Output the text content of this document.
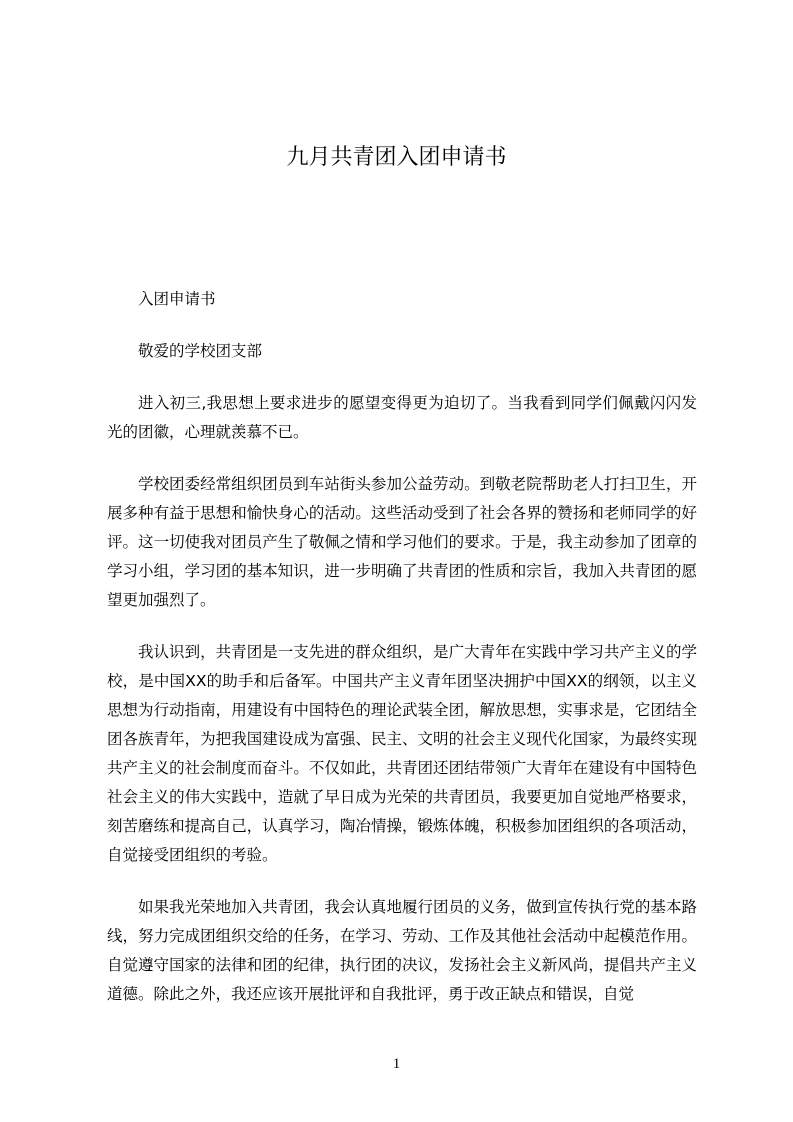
九月共青团入团申请书

入团申请书

敬爱的学校团支部

进入初三,我思想上要求进步的愿望变得更为迫切了。当我看到同学们佩戴闪闪发光的团徽，心理就羡慕不已。

学校团委经常组织团员到车站街头参加公益劳动。到敬老院帮助老人打扫卫生，开展多种有益于思想和愉快身心的活动。这些活动受到了社会各界的赞扬和老师同学的好评。这一切使我对团员产生了敬佩之情和学习他们的要求。于是，我主动参加了团章的学习小组，学习团的基本知识，进一步明确了共青团的性质和宗旨，我加入共青团的愿望更加强烈了。

我认识到，共青团是一支先进的群众组织，是广大青年在实践中学习共产主义的学校，是中国XX的助手和后备军。中国共产主义青年团坚决拥护中国XX的纲领，以主义思想为行动指南，用建设有中国特色的理论武装全团，解放思想，实事求是，它团结全团各族青年，为把我国建设成为富强、民主、文明的社会主义现代化国家，为最终实现共产主义的社会制度而奋斗。不仅如此，共青团还团结带领广大青年在建设有中国特色社会主义的伟大实践中，造就了早日成为光荣的共青团员，我要更加自觉地严格要求，刻苦磨练和提高自己，认真学习，陶冶情操，锻炼体魄，积极参加团组织的各项活动，自觉接受团组织的考验。

如果我光荣地加入共青团，我会认真地履行团员的义务，做到宣传执行党的基本路线，努力完成团组织交给的任务，在学习、劳动、工作及其他社会活动中起模范作用。自觉遵守国家的法律和团的纪律，执行团的决议，发扬社会主义新风尚，提倡共产主义道德。除此之外，我还应该开展批评和自我批评，勇于改正缺点和错误，自觉

1
